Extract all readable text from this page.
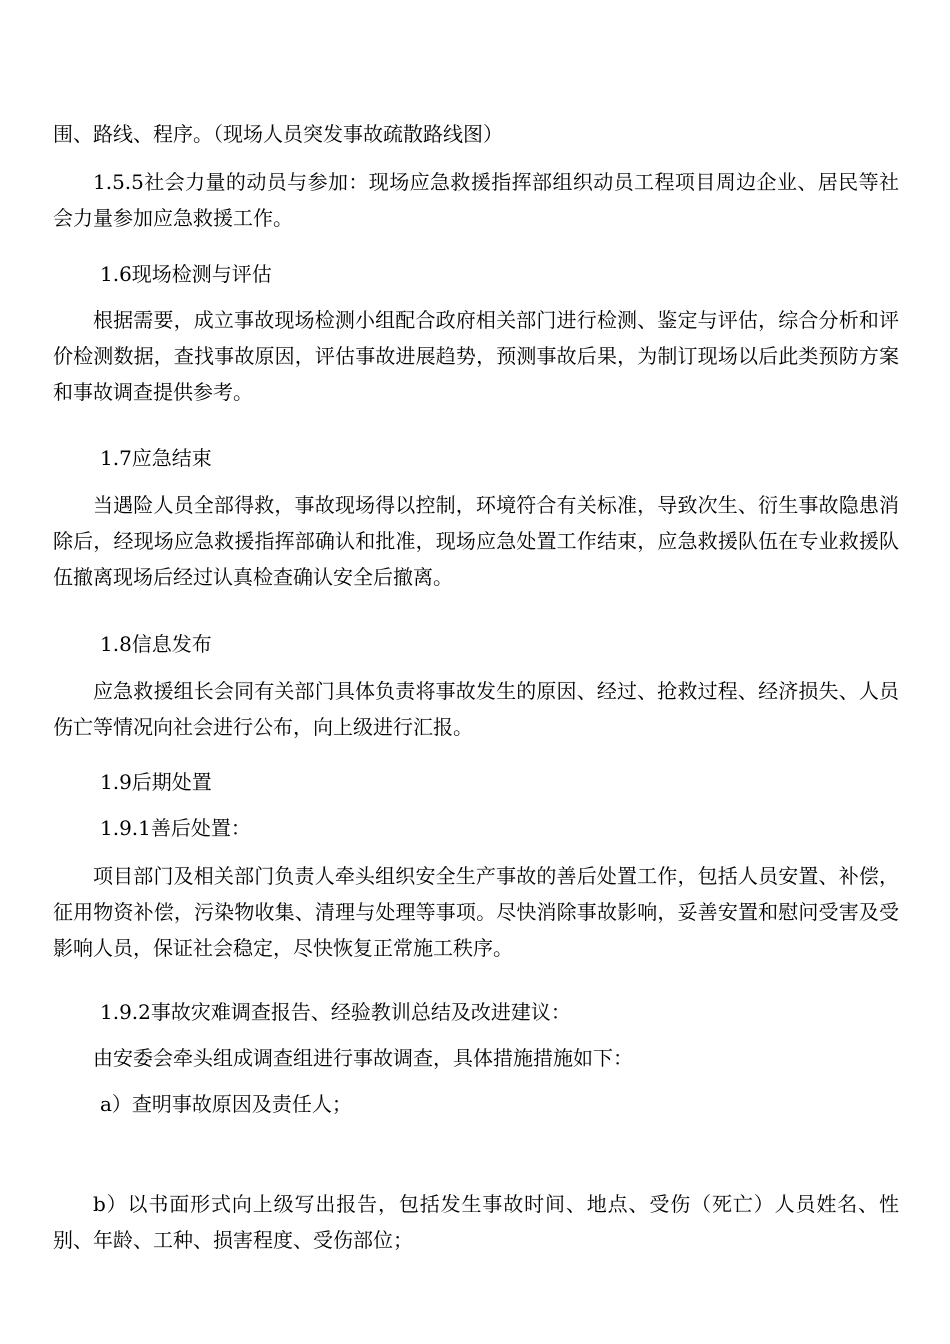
围、路线、程序。（现场人员突发事故疏散路线图）
1.5.5社会力量的动员与参加：现场应急救援指挥部组织动员工程项目周边企业、居民等社会力量参加应急救援工作。
1.6现场检测与评估
根据需要，成立事故现场检测小组配合政府相关部门进行检测、鉴定与评估，综合分析和评价检测数据，查找事故原因，评估事故进展趋势，预测事故后果，为制订现场以后此类预防方案和事故调查提供参考。
1.7应急结束
当遇险人员全部得救，事故现场得以控制，环境符合有关标准，导致次生、衍生事故隐患消除后，经现场应急救援指挥部确认和批准，现场应急处置工作结束，应急救援队伍在专业救援队伍撤离现场后经过认真检查确认安全后撤离。
1.8信息发布
应急救援组长会同有关部门具体负责将事故发生的原因、经过、抢救过程、经济损失、人员伤亡等情况向社会进行公布，向上级进行汇报。
1.9后期处置
1.9.1善后处置：
项目部门及相关部门负责人牵头组织安全生产事故的善后处置工作，包括人员安置、补偿，征用物资补偿，污染物收集、清理与处理等事项。尽快消除事故影响，妥善安置和慰问受害及受影响人员，保证社会稳定，尽快恢复正常施工秩序。
1.9.2事故灾难调查报告、经验教训总结及改进建议：
由安委会牵头组成调查组进行事故调查，具体措施措施如下：
a）查明事故原因及责任人；
b）以书面形式向上级写出报告，包括发生事故时间、地点、受伤（死亡）人员姓名、性别、年龄、工种、损害程度、受伤部位；
